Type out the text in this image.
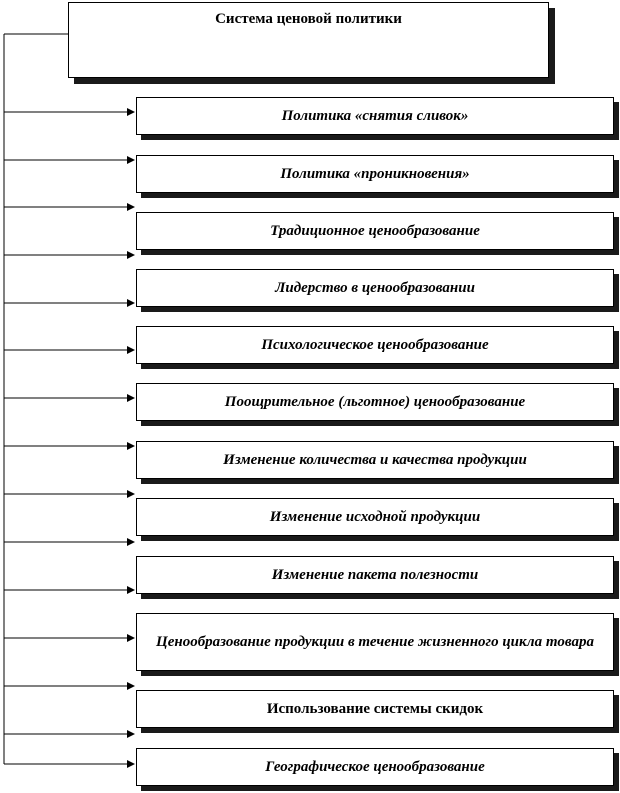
Система ценовой политики
Политика «снятия сливок»
Политика «проникновения»
Традиционное ценообразование
Лидерство в ценообразовании
Психологическое ценообразование
Поощрительное (льготное) ценообразование
Изменение количества и качества продукции
Изменение исходной продукции
Изменение пакета полезности
Ценообразование продукции в течение жизненного цикла товара
Использование системы скидок
Географическое ценообразование
